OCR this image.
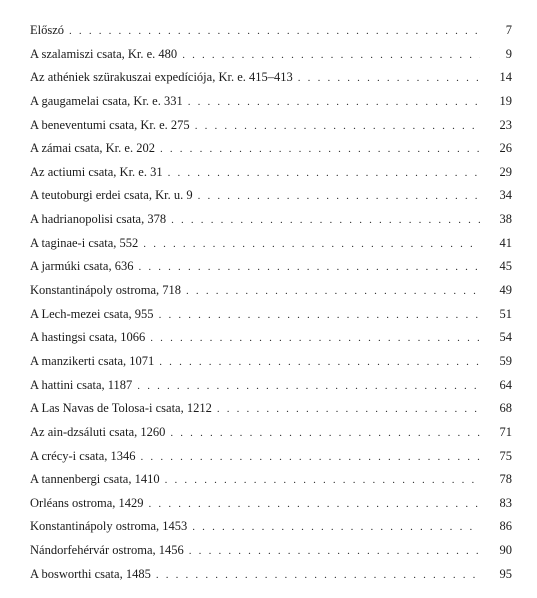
Előszó . . .	7
A szalamiszi csata, Kr. e. 480 . . .	9
Az athéniek szürakuszai expedíciója, Kr. e. 415–413 . . .	14
A gaugamelai csata, Kr. e. 331 . . .	19
A beneventumi csata, Kr. e. 275 . . .	23
A zámai csata, Kr. e. 202 . . .	26
Az actiumi csata, Kr. e. 31 . . .	29
A teutoburgi erdei csata, Kr. u. 9 . . .	34
A hadrianopolisi csata, 378 . . .	38
A taginae-i csata, 552 . . .	41
A jarmúki csata, 636 . . .	45
Konstantinápoly ostroma, 718 . . .	49
A Lech-mezei csata, 955 . . .	51
A hastingsi csata, 1066 . . .	54
A manzikerti csata, 1071 . . .	59
A hattini csata, 1187 . . .	64
A Las Navas de Tolosa-i csata, 1212 . . .	68
Az ain-dzsáluti csata, 1260 . . .	71
A crécy-i csata, 1346 . . .	75
A tannenbergi csata, 1410 . . .	78
Orléans ostroma, 1429 . . .	83
Konstantinápoly ostroma, 1453 . . .	86
Nándorfehérvár ostroma, 1456 . . .	90
A bosworthi csata, 1485 . . .	95
